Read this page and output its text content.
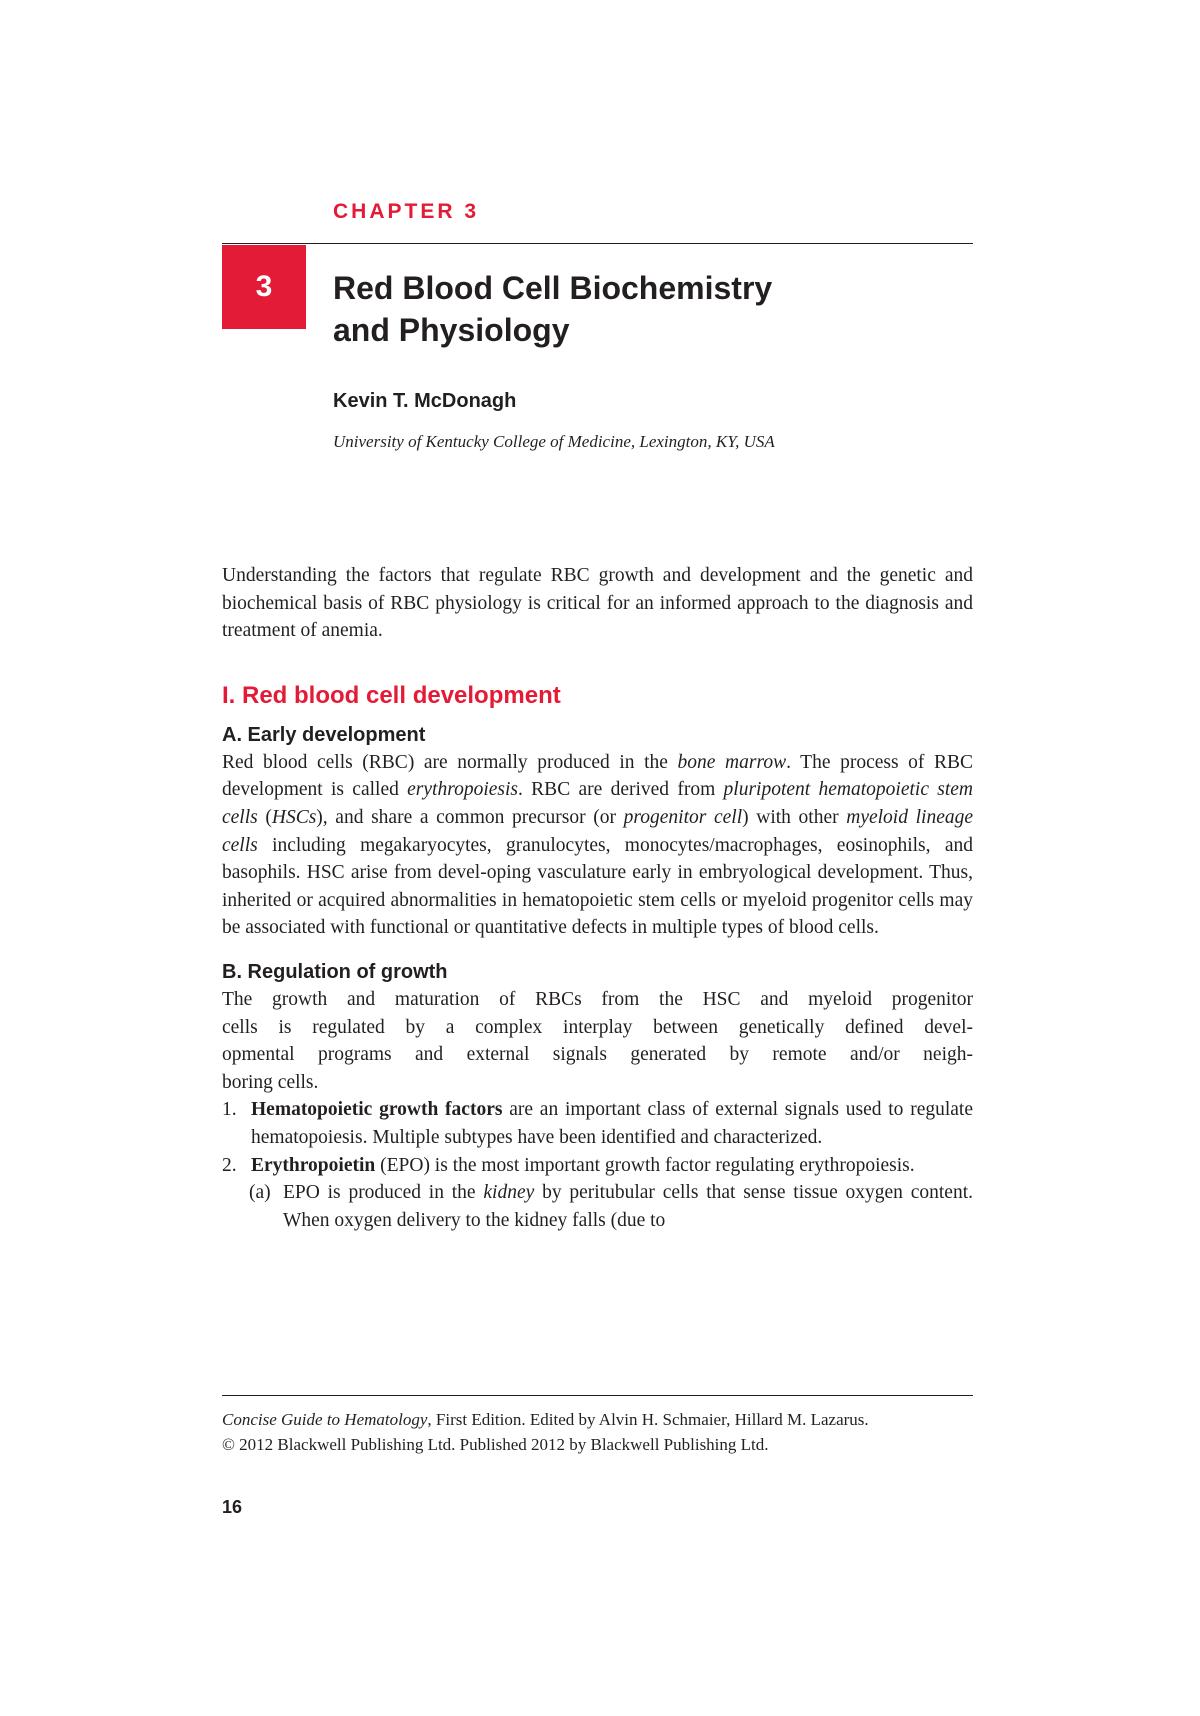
CHAPTER 3
3	Red Blood Cell Biochemistry
and Physiology
Kevin T. McDonagh
University of Kentucky College of Medicine, Lexington, KY, USA

Understanding the factors that regulate RBC growth and development and the genetic and biochemical basis of RBC physiology is critical for an informed approach to the diagnosis and treatment of anemia.

I. Red blood cell development
A. Early development

Red blood cells (RBC) are normally produced in the bone marrow. The process of RBC development is called erythropoiesis. RBC are derived from pluripotent hematopoietic stem cells (HSCs), and share a common precursor (or progenitor cell) with other myeloid lineage cells including megakaryocytes, granulocytes, monocytes/macrophages, eosinophils, and basophils. HSC arise from devel-oping vasculature early in embryological development. Thus, inherited or acquired abnormalities in hematopoietic stem cells or myeloid progenitor cells may be associated with functional or quantitative defects in multiple types of blood cells.

B. Regulation of growth

The growth and maturation of RBCs from the HSC and myeloid progenitor
cells is regulated by a complex interplay between genetically defined devel-
opmental programs and external signals generated by remote and/or neigh-
boring cells.

1. Hematopoietic growth factors are an important class of external signals used to regulate hematopoiesis. Multiple subtypes have been identified and characterized.
2. Erythropoietin (EPO) is the most important growth factor regulating erythropoiesis.
(a) EPO is produced in the kidney by peritubular cells that sense tissue oxygen content. When oxygen delivery to the kidney falls (due to
Concise Guide to Hematology, First Edition. Edited by Alvin H. Schmaier, Hillard M. Lazarus.
© 2012 Blackwell Publishing Ltd. Published 2012 by Blackwell Publishing Ltd.
16
